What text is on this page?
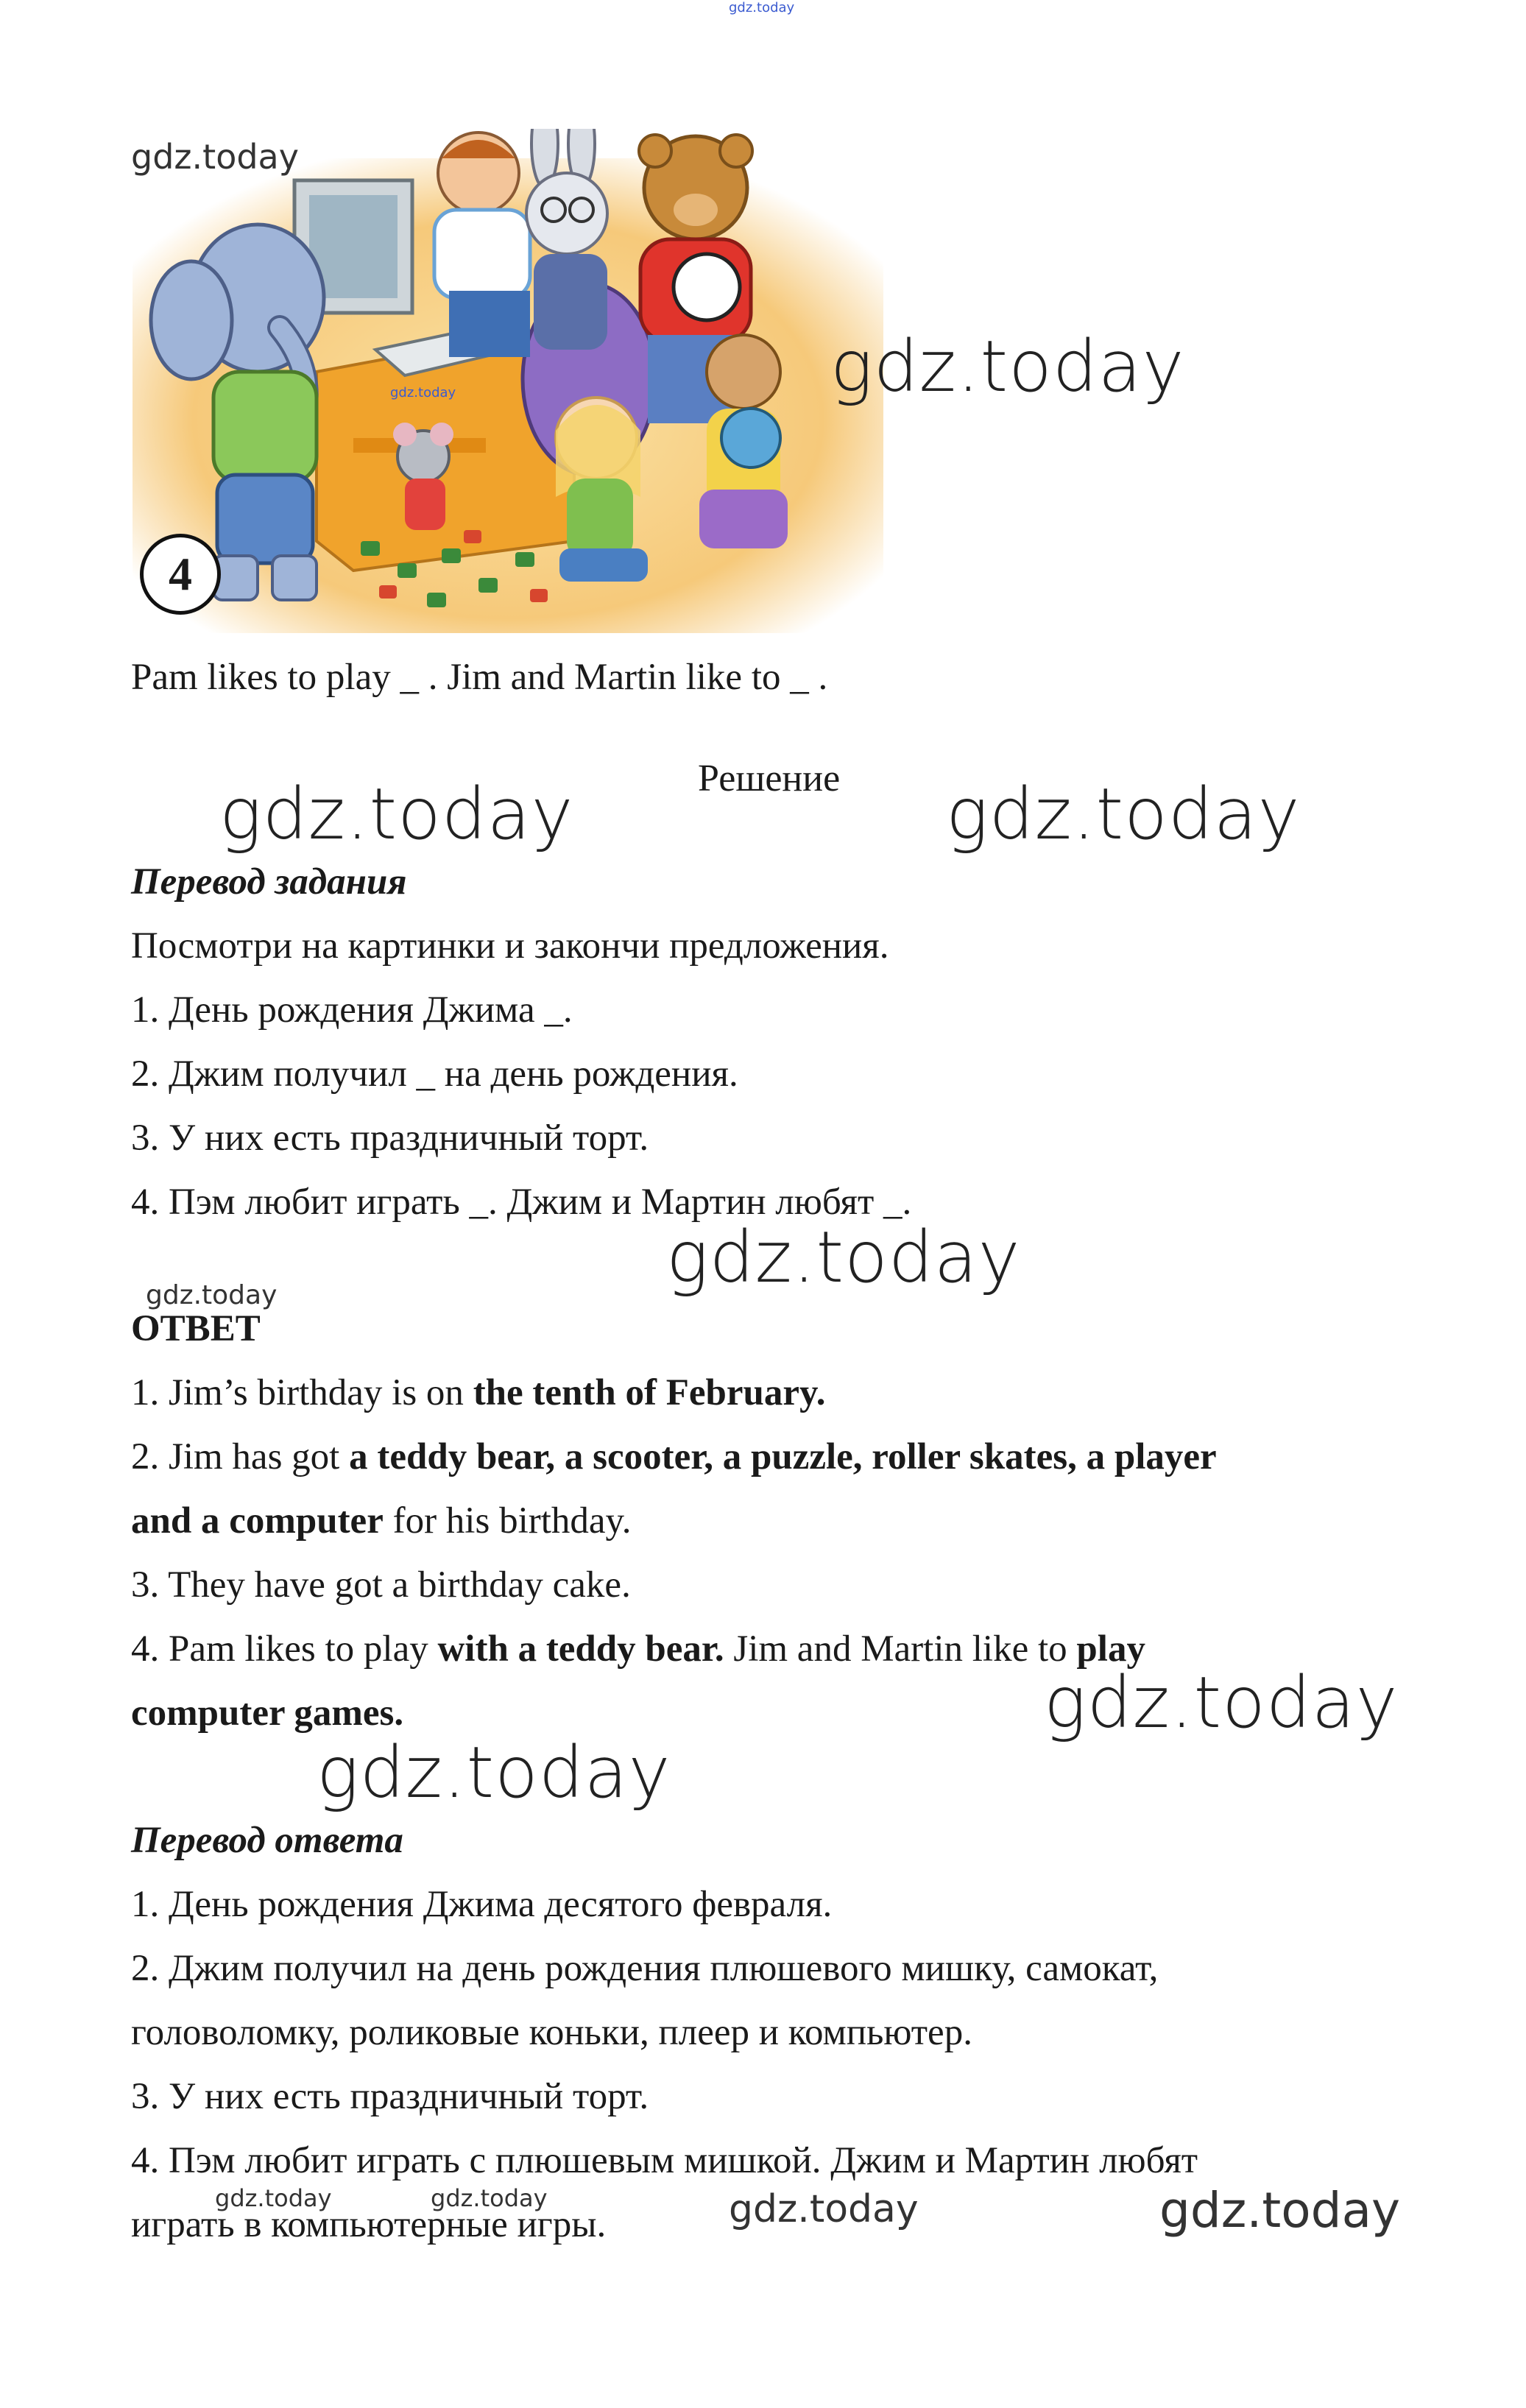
gdz.today
4
gdz.today
gdz.today	gdz.today
Pam likes to play _ . Jim and Martin like to _ .
Решение
gdz.today	gdz.today
Перевод задания
Посмотри на картинки и закончи предложения.
1. День рождения Джима _.
2. Джим получил _ на день рождения.
3. У них есть праздничный торт.
4. Пэм любит играть _. Джим и Мартин любят _.
gdz.today
gdz.today
ОТВЕТ
1. Jim’s birthday is on the tenth of February.
2. Jim has got a teddy bear, a scooter, a puzzle, roller skates, a player
and a computer for his birthday.
3. They have got a birthday cake.
4. Pam likes to play with a teddy bear. Jim and Martin like to play
computer games.	gdz.today
gdz.today
Перевод ответа
1. День рождения Джима десятого февраля.
2. Джим получил на день рождения плюшевого мишку, самокат,
головоломку, роликовые коньки, плеер и компьютер.
3. У них есть праздничный торт.
4. Пэм любит играть с плюшевым мишкой. Джим и Мартин любят
играть в компьютерные игры.
gdz.today	gdz.today	gdz.today	gdz.today
